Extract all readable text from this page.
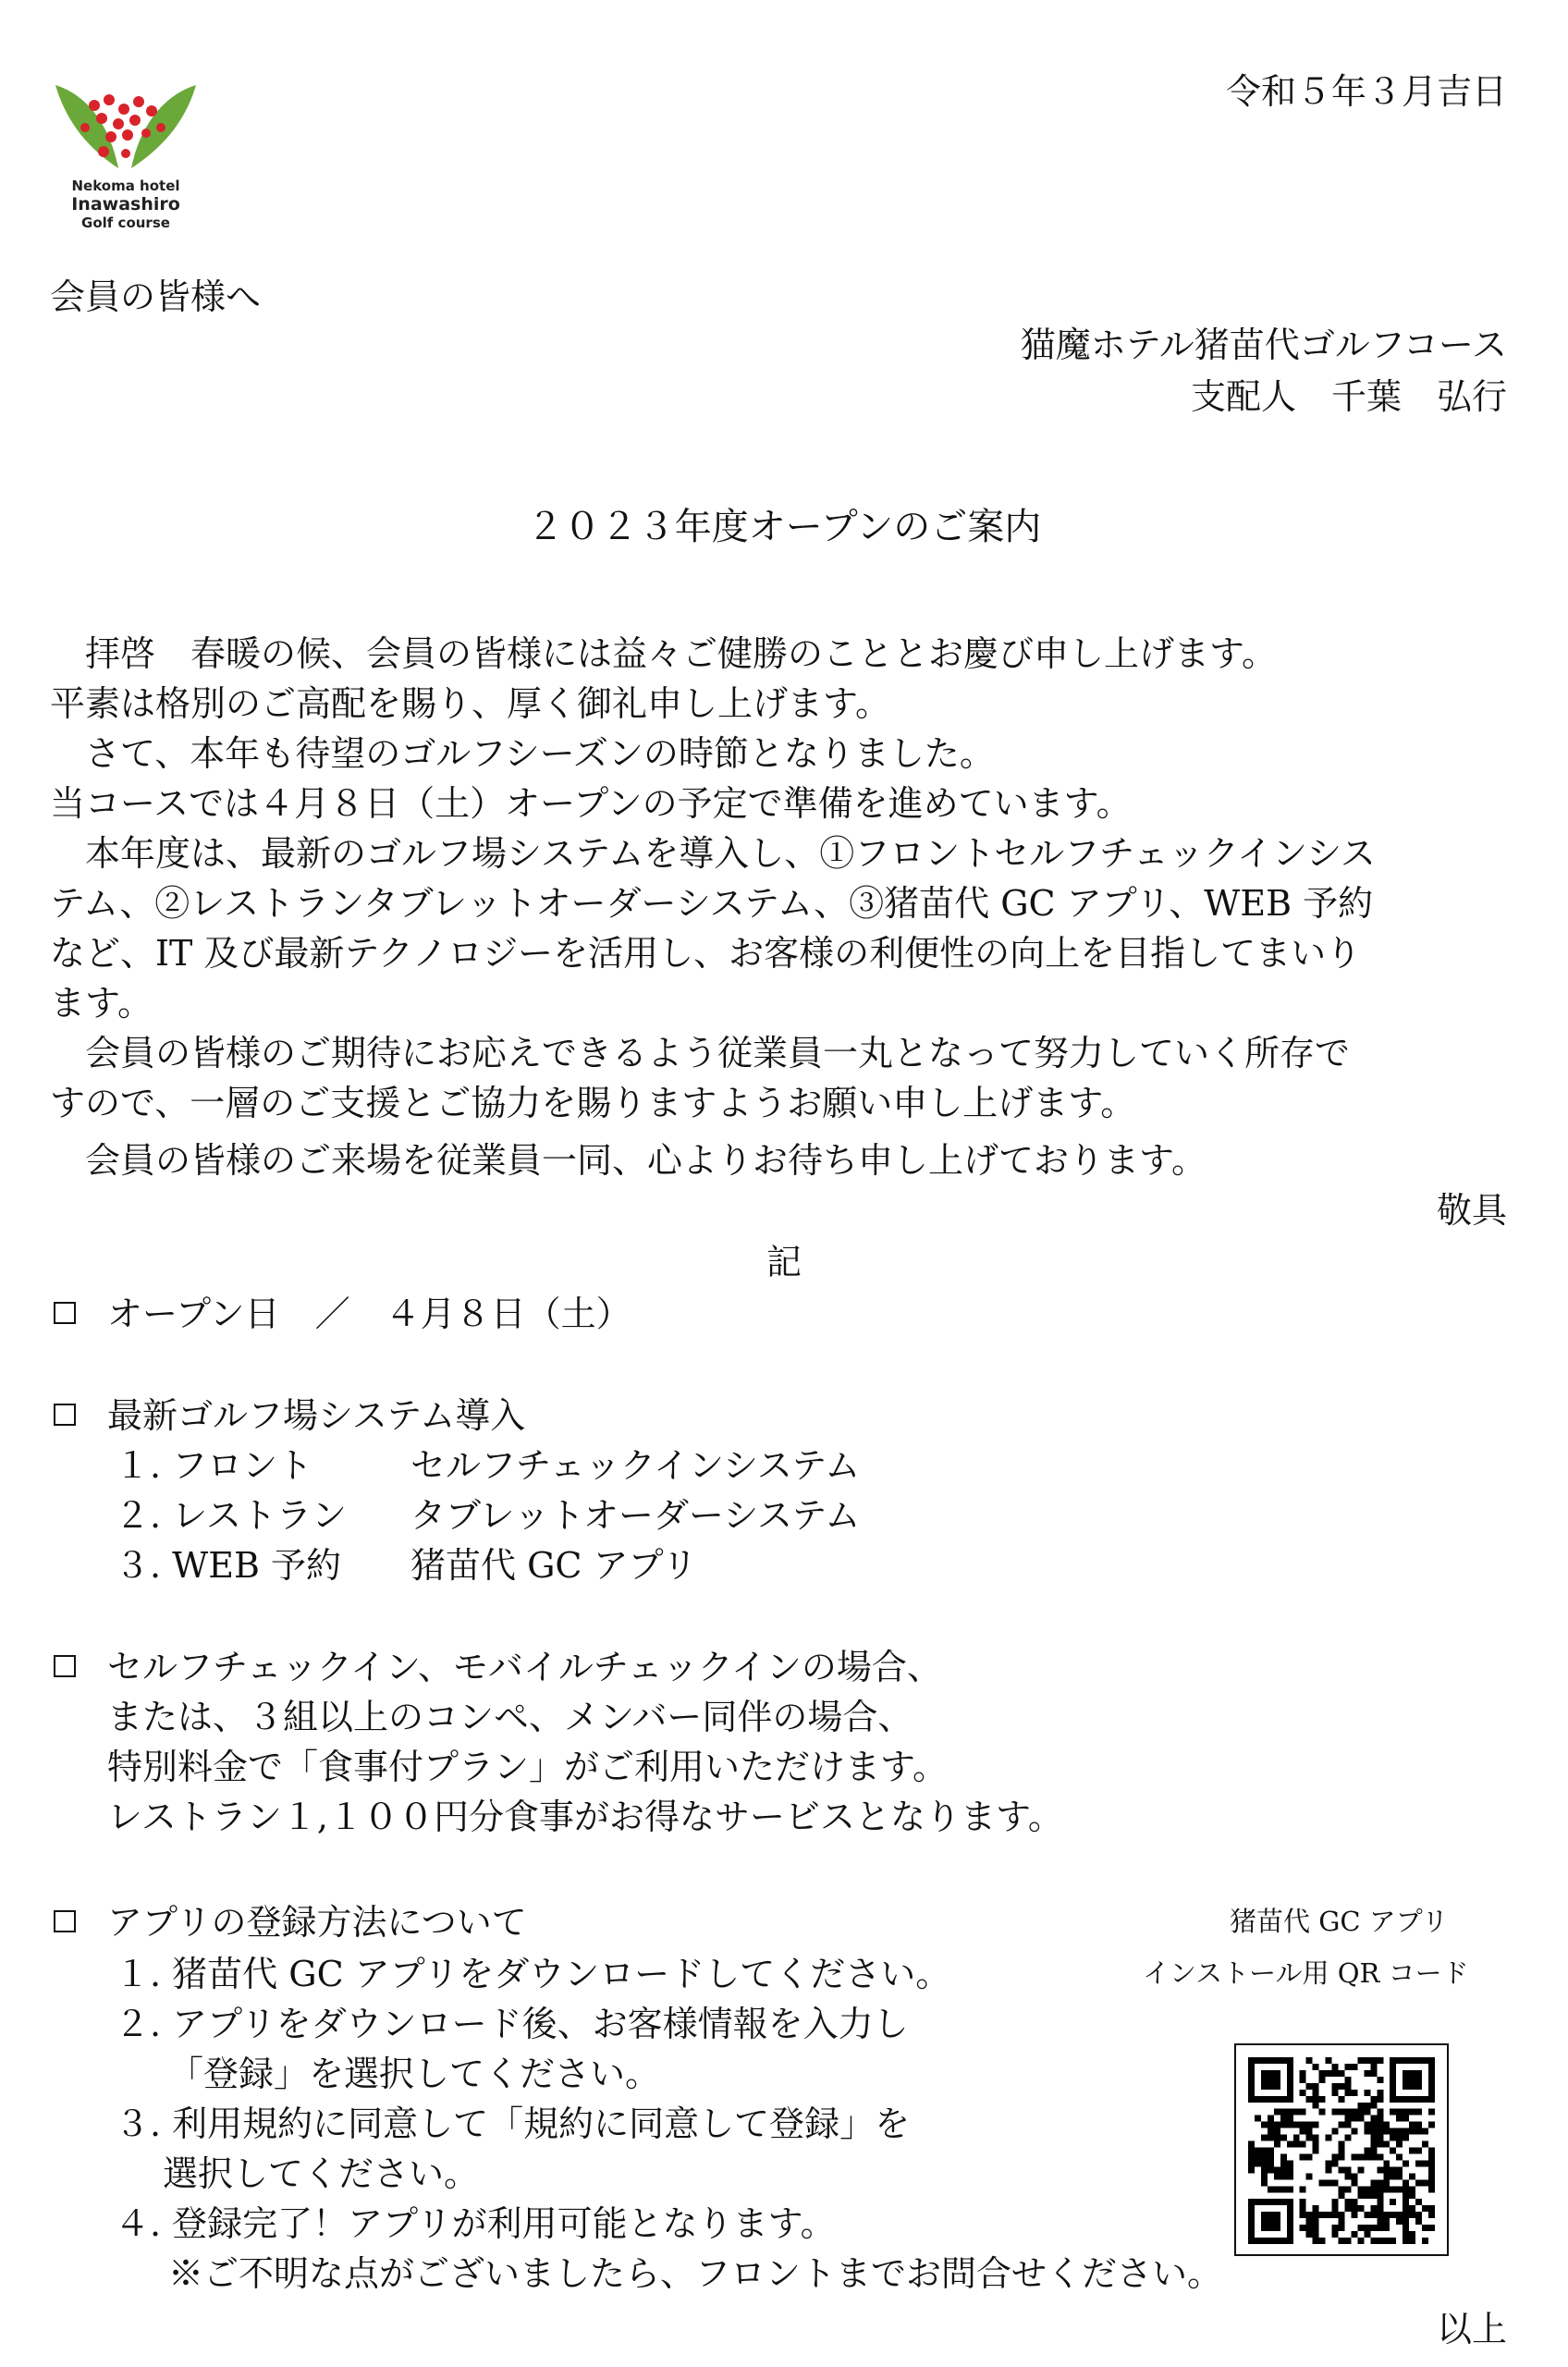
Nekoma hotel
Inawashiro
Golf course
令和５年３月吉日
会員の皆様へ
猫魔ホテル猪苗代ゴルフコース
支配人　千葉　弘行
２０２３年度オープンのご案内
　拝啓　春暖の候、会員の皆様には益々ご健勝のこととお慶び申し上げます。
平素は格別のご高配を賜り、厚く御礼申し上げます。
　さて、本年も待望のゴルフシーズンの時節となりました。
当コースでは４月８日（土）オープンの予定で準備を進めています。
　本年度は、最新のゴルフ場システムを導入し、①フロントセルフチェックインシス
テム、②レストランタブレットオーダーシステム、③猪苗代 GC アプリ、WEB 予約
など、IT 及び最新テクノロジーを活用し、お客様の利便性の向上を目指してまいり
ます。
　会員の皆様のご期待にお応えできるよう従業員一丸となって努力していく所存で
すので、一層のご支援とご協力を賜りますようお願い申し上げます。
　会員の皆様のご来場を従業員一同、心よりお待ち申し上げております。
敬具
記
オープン日　／　４月８日（土）
最新ゴルフ場システム導入
１. フロント	セルフチェックインシステム
２. レストラン タブレットオーダーシステム
３. WEB 予約 猪苗代 GC アプリ
セルフチェックイン、モバイルチェックインの場合、
または、３組以上のコンペ、メンバー同伴の場合、
特別料金で「食事付プラン」がご利用いただけます。
レストラン１,１００円分食事がお得なサービスとなります。
アプリの登録方法について
１. 猪苗代 GC アプリをダウンロードしてください。
２. アプリをダウンロード後、お客様情報を入力し
「登録」を選択してください。
３. 利用規約に同意して「規約に同意して登録」を
選択してください。
４. 登録完了！アプリが利用可能となります。
※ご不明な点がございましたら、フロントまでお問合せください。
猪苗代 GC アプリ
インストール用 QR コード
以上
